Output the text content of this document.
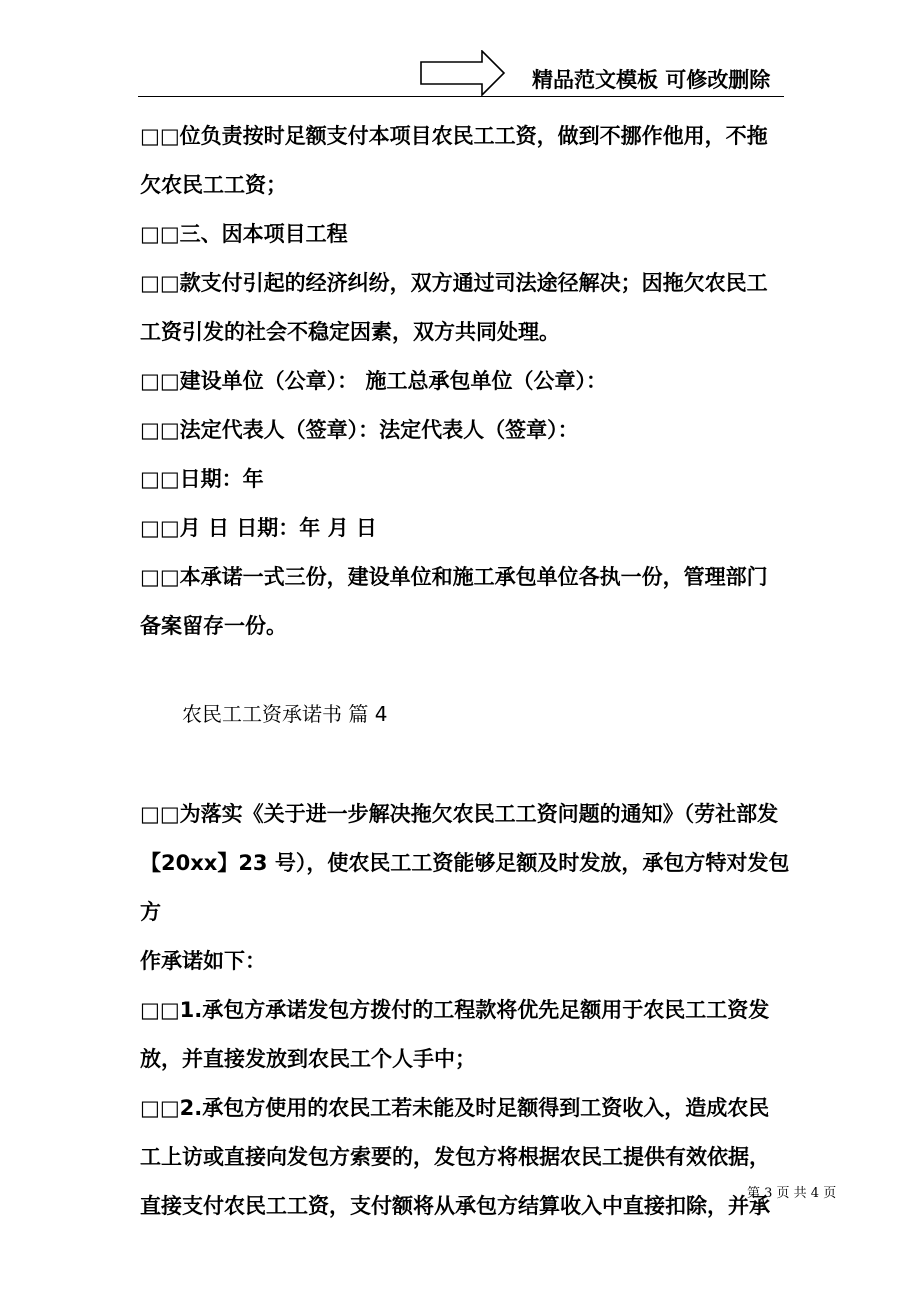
精品范文模板 可修改删除

□□位负责按时足额支付本项目农民工工资，做到不挪作他用，不拖

欠农民工工资；

□□三、因本项目工程

□□款支付引起的经济纠纷，双方通过司法途径解决；因拖欠农民工

工资引发的社会不稳定因素，双方共同处理。

□□建设单位（公章）： 施工总承包单位（公章）：

□□法定代表人（签章）：法定代表人（签章）：

□□日期：年

□□月 日 日期：年 月 日

□□本承诺一式三份，建设单位和施工承包单位各执一份，管理部门

备案留存一份。

农民工工资承诺书 篇 4

□□为落实《关于进一步解决拖欠农民工工资问题的通知》（劳社部发

【20xx】23 号），使农民工工资能够足额及时发放，承包方特对发包方

作承诺如下：

□□1.承包方承诺发包方拨付的工程款将优先足额用于农民工工资发

放，并直接发放到农民工个人手中；

□□2.承包方使用的农民工若未能及时足额得到工资收入，造成农民

工上访或直接向发包方索要的，发包方将根据农民工提供有效依据，

直接支付农民工工资，支付额将从承包方结算收入中直接扣除，并承

第 3 页 共 4 页
